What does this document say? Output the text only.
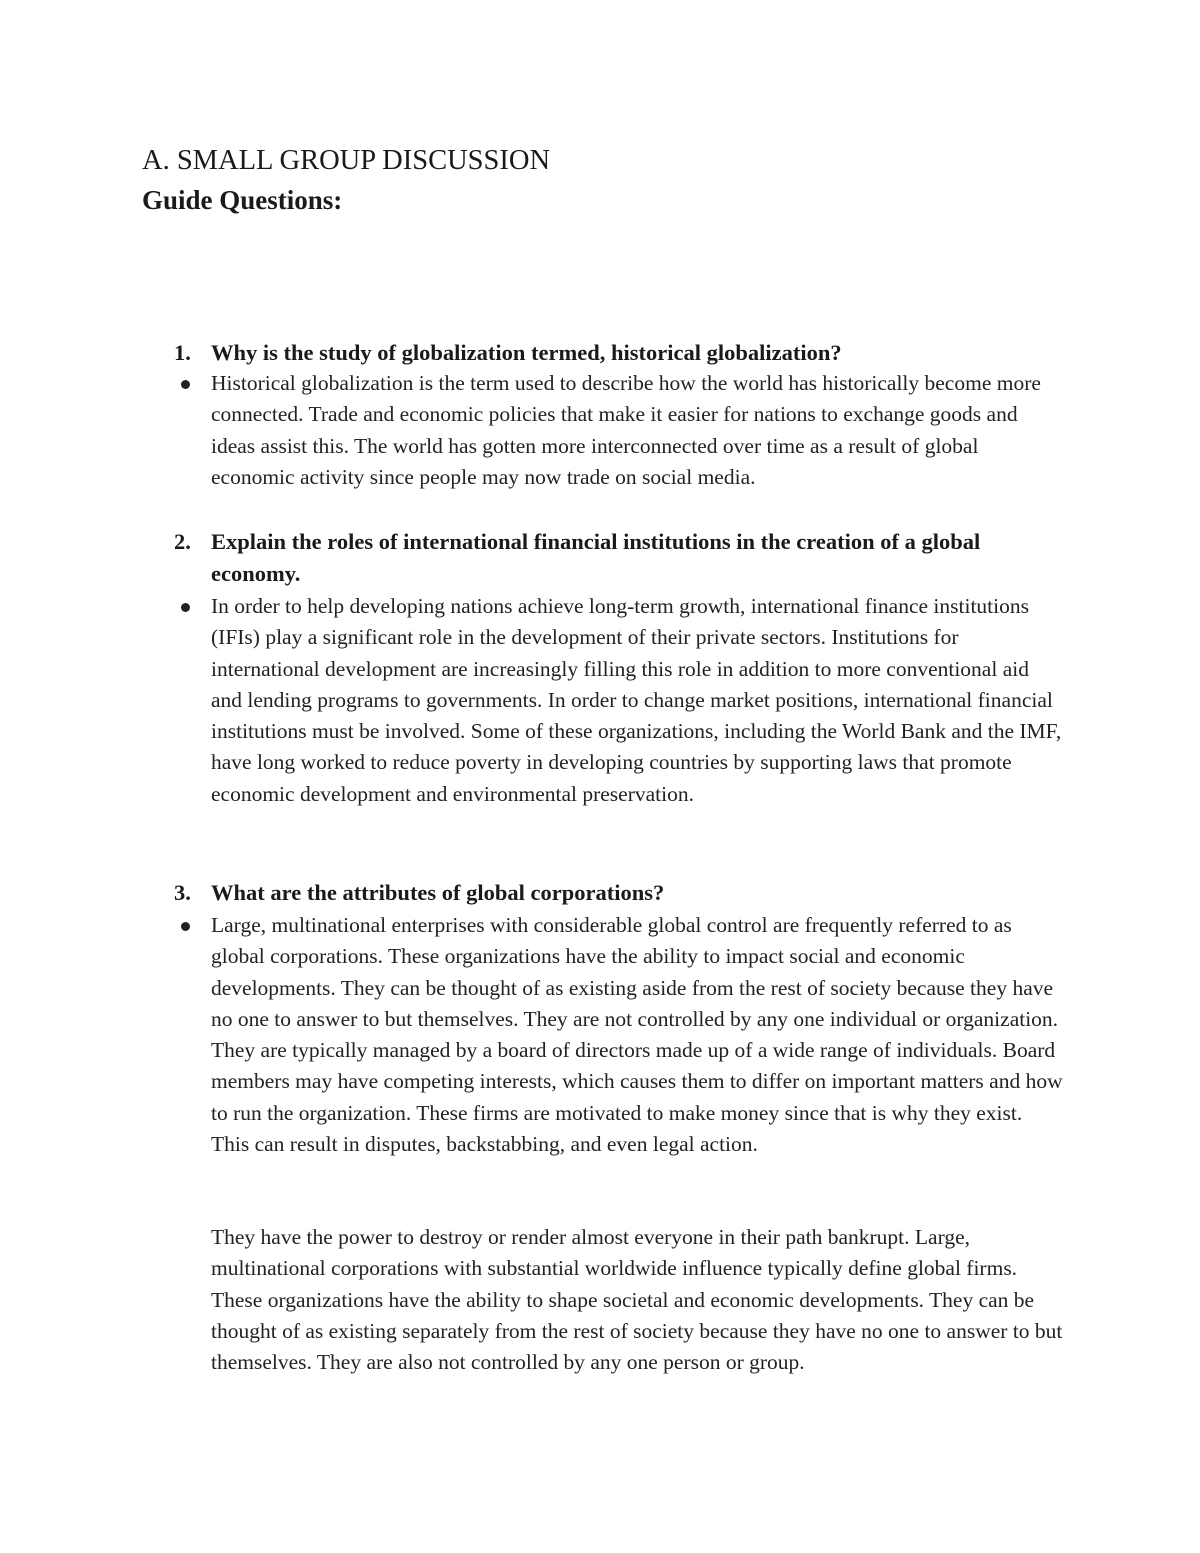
A. SMALL GROUP DISCUSSION
Guide Questions:
1. Why is the study of globalization termed, historical globalization?
Historical globalization is the term used to describe how the world has historically become more connected. Trade and economic policies that make it easier for nations to exchange goods and ideas assist this. The world has gotten more interconnected over time as a result of global economic activity since people may now trade on social media.
2. Explain the roles of international financial institutions in the creation of a global economy.
In order to help developing nations achieve long-term growth, international finance institutions (IFIs) play a significant role in the development of their private sectors. Institutions for international development are increasingly filling this role in addition to more conventional aid and lending programs to governments. In order to change market positions, international financial institutions must be involved. Some of these organizations, including the World Bank and the IMF, have long worked to reduce poverty in developing countries by supporting laws that promote economic development and environmental preservation.
3. What are the attributes of global corporations?
Large, multinational enterprises with considerable global control are frequently referred to as global corporations. These organizations have the ability to impact social and economic developments. They can be thought of as existing aside from the rest of society because they have no one to answer to but themselves. They are not controlled by any one individual or organization. They are typically managed by a board of directors made up of a wide range of individuals. Board members may have competing interests, which causes them to differ on important matters and how to run the organization. These firms are motivated to make money since that is why they exist. This can result in disputes, backstabbing, and even legal action.
They have the power to destroy or render almost everyone in their path bankrupt. Large, multinational corporations with substantial worldwide influence typically define global firms. These organizations have the ability to shape societal and economic developments. They can be thought of as existing separately from the rest of society because they have no one to answer to but themselves. They are also not controlled by any one person or group.
